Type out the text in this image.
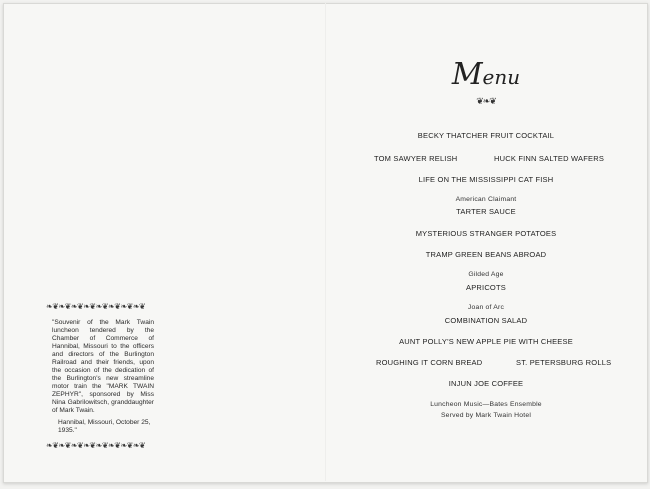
❧❦❧❦❧❦❧❦❧❦❧❦❧❦❧❦
"Souvenir of the Mark Twain luncheon tendered by the Chamber of Commerce of Hannibal, Missouri to the officers and directors of the Burlington Railroad and their friends, upon the occasion of the dedication of the Burlington's new streamline motor train the "MARK TWAIN ZEPHYR", sponsored by Miss Nina Gabrilowitsch, granddaughter of Mark Twain.
Hannibal, Missouri, October 25, 1935."
❧❦❧❦❧❦❧❦❧❦❧❦❧❦❧❦
Menu
❦❧❦
BECKY THATCHER FRUIT COCKTAIL
TOM SAWYER RELISH	HUCK FINN SALTED WAFERS
LIFE ON THE MISSISSIPPI CAT FISH
American Claimant
TARTER SAUCE
MYSTERIOUS STRANGER POTATOES
TRAMP GREEN BEANS ABROAD
Gilded Age
APRICOTS
Joan of Arc
COMBINATION SALAD
AUNT POLLY'S NEW APPLE PIE WITH CHEESE
ROUGHING IT CORN BREAD	ST. PETERSBURG ROLLS
INJUN JOE COFFEE
Luncheon Music—Bates Ensemble
Served by Mark Twain Hotel
